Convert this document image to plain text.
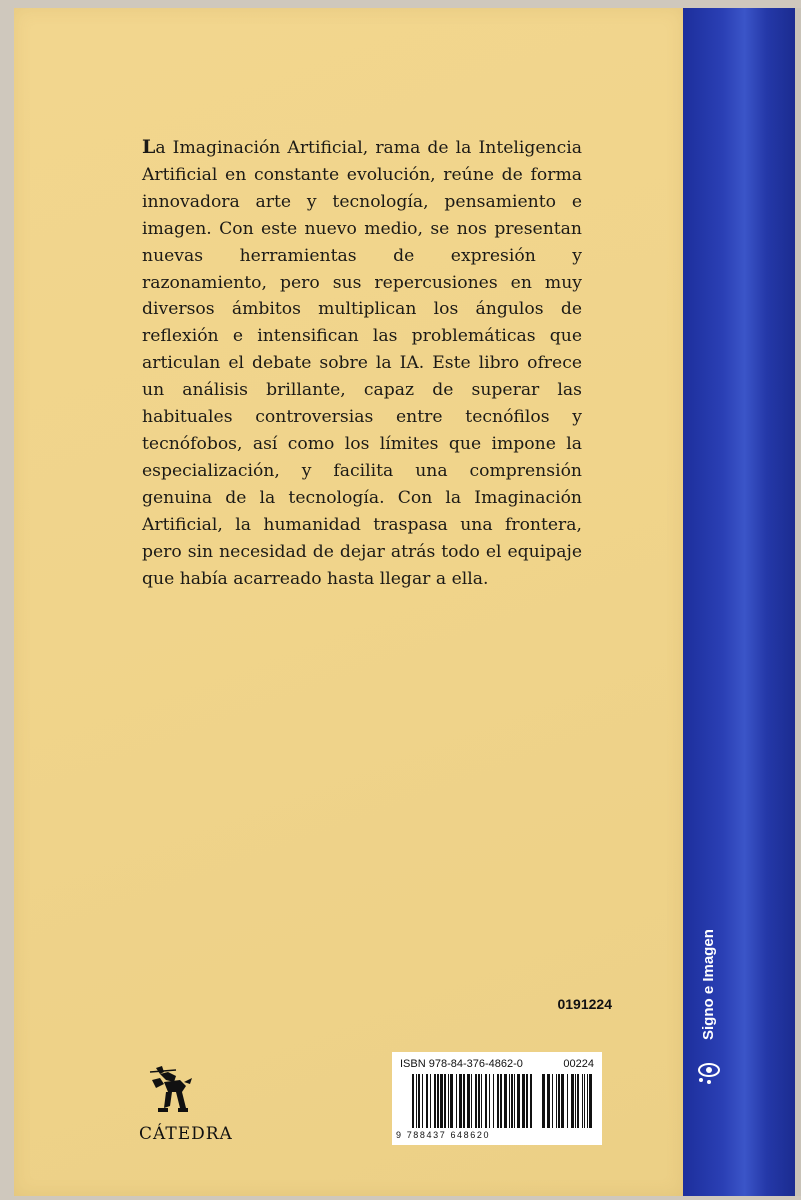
La Imaginación Artificial, rama de la Inteligencia Artificial en constante evolución, reúne de forma innovadora arte y tecnología, pensamiento e imagen. Con este nuevo medio, se nos presentan nuevas herramientas de expresión y razonamiento, pero sus repercusiones en muy diversos ámbitos multiplican los ángulos de reflexión e intensifican las problemáticas que articulan el debate sobre la IA. Este libro ofrece un análisis brillante, capaz de superar las habituales controversias entre tecnófilos y tecnófobos, así como los límites que impone la especialización, y facilita una comprensión genuina de la tecnología. Con la Imaginación Artificial, la humanidad traspasa una frontera, pero sin necesidad de dejar atrás todo el equipaje que había acarreado hasta llegar a ella.

0191224
ISBN 978-84-376-4862-0	00224
9 788437 648620
CÁTEDRA
Signo e Imagen
